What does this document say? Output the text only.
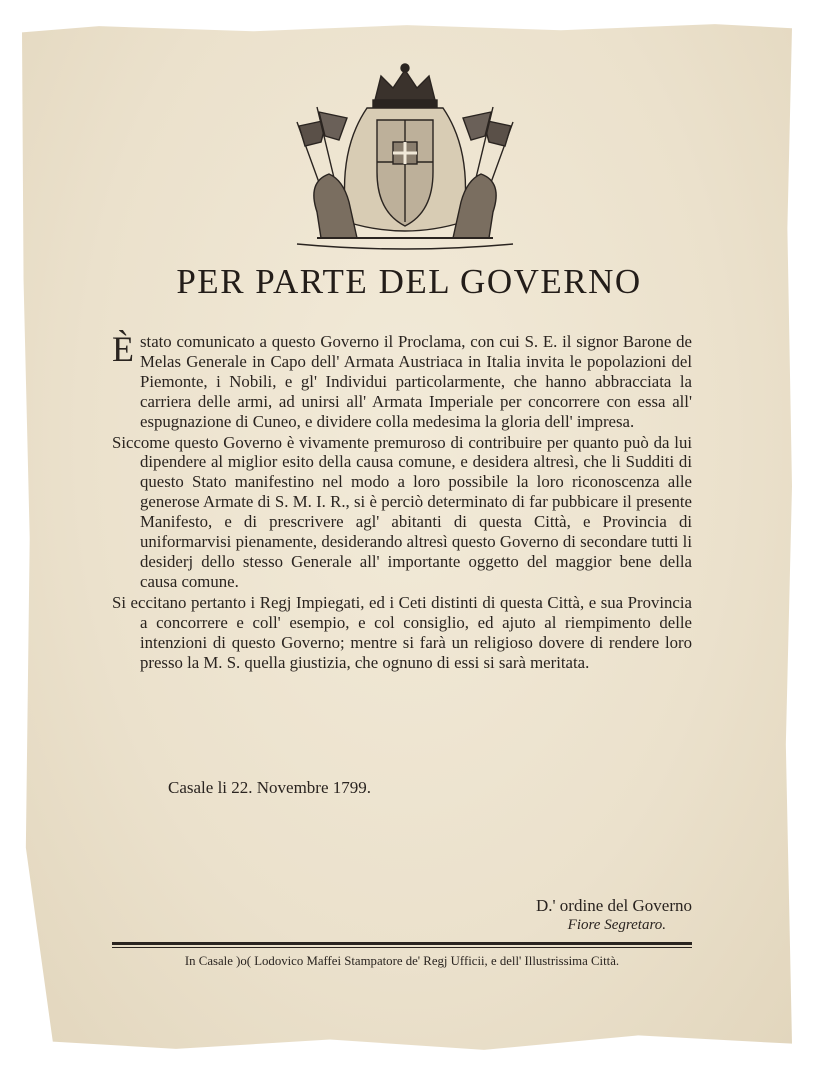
PER PARTE DEL GOVERNO

Èstato comunicato a questo Governo il Proclama, con cui S. E. il signor Barone de Melas Generale in Capo dell' Armata Austriaca in Italia invita le popolazioni del Piemonte, i Nobili, e gl' Individui particolarmente, che hanno abbracciata la carriera delle armi, ad unirsi all' Armata Imperiale per concorrere con essa all' espugnazione di Cuneo, e dividere colla medesima la gloria dell' impresa.

Siccome questo Governo è vivamente premuroso di contribuire per quanto può da lui dipendere al miglior esito della causa comune, e desidera altresì, che li Sudditi di questo Stato manifestino nel modo a loro possibile la loro riconoscenza alle generose Armate di S. M. I. R., si è perciò determinato di far pubbicare il presente Manifesto, e di prescrivere agl' abitanti di questa Città, e Provincia di uniformarvisi pienamente, desiderando altresì questo Governo di secondare tutti li desiderj dello stesso Generale all' importante oggetto del maggior bene della causa comune.

Si eccitano pertanto i Regj Impiegati, ed i Ceti distinti di questa Città, e sua Provincia a concorrere e coll' esempio, e col consiglio, ed ajuto al riempimento delle intenzioni di questo Governo; mentre si farà un religioso dovere di rendere loro presso la M. S. quella giustizia, che ognuno di essi si sarà meritata.

Casale li 22. Novembre 1799.
D.' ordine del Governo
Fiore Segretaro.
In Casale )o( Lodovico Maffei Stampatore de' Regj Ufficii, e dell' Illustrissima Città.
